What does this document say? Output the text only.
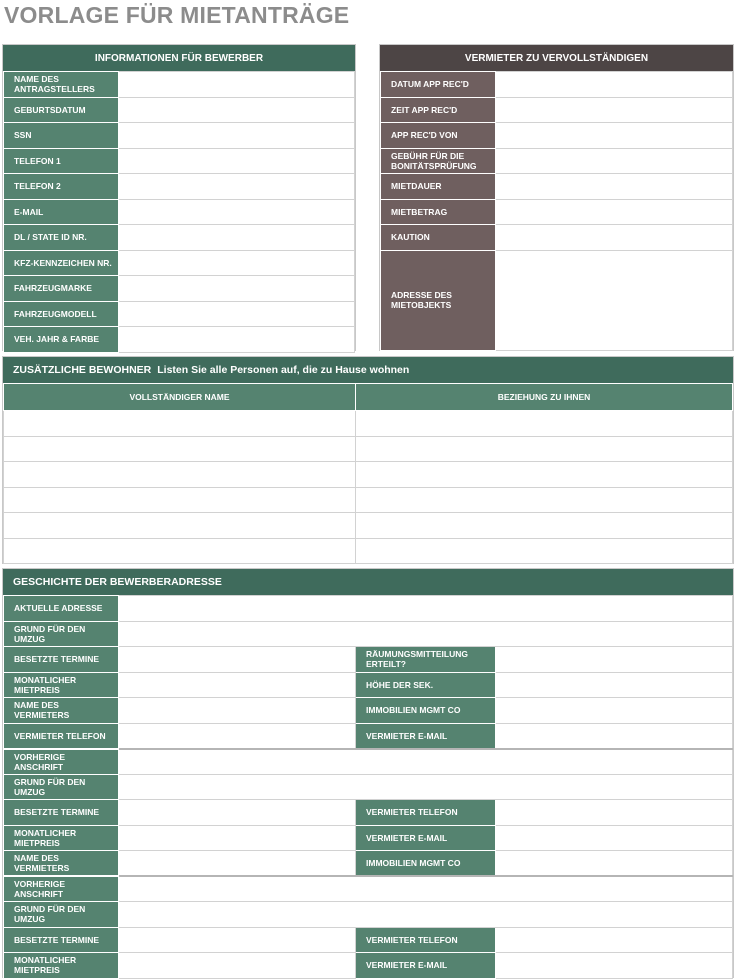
VORLAGE FÜR MIETANTRÄGE
INFORMATIONEN FÜR BEWERBER
NAME DES ANTRAGSTELLERS	
GEBURTSDATUM	
SSN	
TELEFON 1	
TELEFON 2	
E-MAIL	
DL / STATE ID NR.	
KFZ-KENNZEICHEN NR.	
FAHRZEUGMARKE	
FAHRZEUGMODELL	
VEH. JAHR & FARBE	
VERMIETER ZU VERVOLLSTÄNDIGEN
DATUM APP REC'D	
ZEIT APP REC'D	
APP REC'D VON	
GEBÜHR FÜR DIE BONITÄTSPRÜFUNG	
MIETDAUER	
MIETBETRAG	
KAUTION	
ADRESSE DES MIETOBJEKTS	
ZUSÄTZLICHE BEWOHNER Listen Sie alle Personen auf, die zu Hause wohnen
VOLLSTÄNDIGER NAME	BEZIEHUNG ZU IHNEN

GESCHICHTE DER BEWERBERADRESSE
AKTUELLE ADRESSE			
GRUND FÜR DEN UMZUG			
BESETZTE TERMINE		RÄUMUNGSMITTEILUNG ERTEILT?	
MONATLICHER MIETPREIS		HÖHE DER SEK.	
NAME DES VERMIETERS		IMMOBILIEN MGMT CO	
VERMIETER TELEFON		VERMIETER E-MAIL	
VORHERIGE ANSCHRIFT			
GRUND FÜR DEN UMZUG			
BESETZTE TERMINE		VERMIETER TELEFON	
MONATLICHER MIETPREIS		VERMIETER E-MAIL	
NAME DES VERMIETERS		IMMOBILIEN MGMT CO	
VORHERIGE ANSCHRIFT			
GRUND FÜR DEN UMZUG			
BESETZTE TERMINE		VERMIETER TELEFON	
MONATLICHER MIETPREIS		VERMIETER E-MAIL	
